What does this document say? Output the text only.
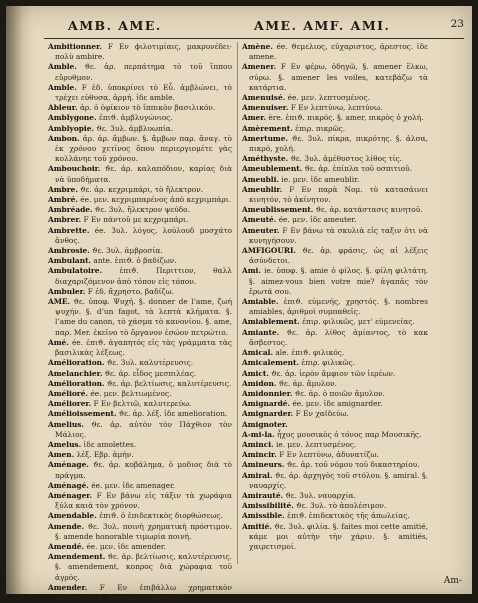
AMB. AME.	AME. AMF. AMI.	23

Ambitionner. F Εν ϕιλοτιμίαις, μακρυνέδει· πολὺ ambire.

Amble. ϑε. ἀρ. περπάτημα τὸ τοῦ ἵππου εὔρυθμον.

Amble. F ἐδ. ὑποκρίνει τὸ Εὖ. ἀμβλώνει, τὸ τρέχει εὐθυσα, ἀρμή. ἰδε amble.

Ableur. ἀρ. ὁ ὁφίκιον τὸ ἱππικὸν βασιλικόν.

Amblygone. ἐπιϑ. ἀμβλυγώνιος.

Amblyopie. ϑε. 3υλ. ἀμβλυωπία.

Ambon. ἀρ. ἀρ. ἄμβων. §. ἄμβων παρ. ἄναγ. τὸ ἐκ χρόνου χετίνος ὄπου περιεργιομέτε γὰς κολλάνηε τοῦ χρόνου.

Ambouchoir. ϑε. ἀρ. καλαπόδιον, καρίας διὰ νὰ ὑποδήματα.

Ambre. ϑε. ἀρ. κεχριμπάρι, τὸ ἤλεκτρον.

Ambré. ée. μεν. κεχριμπαρένος ἀπὸ κεχριμπάρι.

Ambréade. ϑε. 3υλ. ἤλεκτρον ψεύδο.

Ambrer. F Εν πάντοῦ με κεχριμπάρι.

Ambrette. ée. 3υλ. λόγος, λούλουδ μοσχάτο ἄνθος.

Ambrosie. ϑε. 3υλ. ἀμβροσία.

Ambulant. ante. ἐπιϑ. ὁ βαδίζων.

Ambulatoire. ἐπιϑ. Περιττιον, θαλλ διαχαριζόμενον ἀπὸ τόπον εἰς τόπον.

Ambuler. F ἐδ. ἄχρηστο, βαδίζω.

AME. ϑε. ὑποφ. Ψυχή. §. donner de l’ame, ζωή ψυχήν. §. d’un fagot, τὰ λεπτὰ κλήματα. §. l’ame du canon, τὸ χάσμα τὸ κανονίου. §. ame, παρ. Mer. ἐκεῖνο τὸ ὄργανον ἐσώον πετρώτιο.

Amé. ée. ἐπιϑ. ἀγαπητός εἰς τὰς γράμματα τὰς βασιλικὰς λέξεως.

Amélioration. ϑε. 3υλ. καλυτέρευσις.

Amelanchier. ϑε. ἀρ. εἶδος μεσπιλέας.

Amélioration. ϑε. ἀρ. βελτίωσις, καλυτέρευσις.

Amélioré. ée. μεν. βελτιωμένος.

Améliorer. F Εν βελτιῶ, καλυτερεύω.

Amélioissement. ϑε. ἀρ. λέξ. ἰδε amelioration.

Amelius. ϑε. ἀρ. αὐτὸν τὸν Πάχθιον τὸν Μάλιος.

Amelus. ἰδε amolettes.

Amen. λέξ. Εβρ. ἀμήν.

Aménage. ϑε. ἀρ. κοβάλημα, ὁ μοδιος διὰ τὸ πράγμα.

Aménagé. ée. μεν. ἰδε amenager.

Aménager. F Εν βάνω εἰς τάξιν τὰ χωράφια ξύλα καιὰ τὸν χρόνον.

Amendable. ἐπιϑ. ὁ ἐπιδεκτικὸς διορθώσεως.

Amende. ϑε. 3υλ. ποινὴ χρηματικὴ πρόστιμον. §. amende honorable τιμωρία ποινή.

Amendé. ée. μεν. ἰδε amender.

Amendement. ϑε. ἀρ. βελτίωσις, καλυτέρευσις. §. amendement, κοπρος διὰ χώραφια τοῦ ἀγρός.

Amender. F Εν ἐπιβάλλω χρηματικὸν πρόστιμον. §. amender, διορθώνω.

Amène. ée. ϑεμελιος, εὐχαριστος, ἀρεστος. ἰδε amene.

Amener. F Εν φέρω, ὁδηγῶ, §. amener ἕλκω, σύρω. §. amener les voiles, κατεβάζω τὰ κατάρτια.

Amenuisé. ée. μεν. λεπτυσμένος.

Amenuiser. F Εν λεπτύνω, λεπτύνω.

Amer. ère. ἐπιϑ. πικρός. §. amer, πικρὸς ὁ χολή.

Amèrement. ἐπιρ. πικρῶς.

Amertume. ϑε. 3υλ. πίκρα, πικρότης. §. ἀλσα, πικρό, χολή.

Améthyste. ϑε. 3υλ. ἀμέθυστος λίθος τίς.

Ameublement. ϑε. ἀρ. ἐπίπλα τοῦ οσπιτιοῦ.

Ameubli. ie. μεν. ἰδε ameublir.

Ameublir. F Εν παρὰ Νομ. τὸ κατασάινει κινητόν, τὸ ἀκίνητον.

Ameublissement. ϑε. ἀρ. κατάστασις κινητοῦ.

Ameuté. ée. μεν. ἰδε ameuter.

Ameuter. F Εν βάνω τὰ σκυλιὰ εἰς ταξιν ὁτι νὰ κυνηγήσουν.

AMFIGOURI. ϑε. ἀρ. φράσις, ὡς αἱ λέξεις ἀσύνδετοι.

Ami. ie. ὑποφ. §. amie ὁ φίλος. §. φίλη φιλτάτη. §. aimez-vous bien votre mie? ἀγαπᾶς τὸν ἔρωτά σου.

Amiable. ἐπιϑ. εὐμενής, χρηστός. §. nombres amiables, ἀριθμοὶ συμπαθεῖς.

Amiablement. ἐπιρ. φιλικῶς, μετ' εὐμενείας.

Amiante. ϑε. ἀρ. λίθος ἀμίαντος, τὸ κακ ἄσβεστος.

Amical. ale. ἐπιϑ. φιλικός.

Amicalement. ἐπιρ. φιλικῶς.

Amict. ϑε. ἀρ. ἱερὸν ἄμφιον τῶν ἱερέων.

Amidon. ϑε. ἀρ. ἄμυλον.

Amidonnier. ϑε. ἀρ. ὁ ποιῶν ἄμυλον.

Amignardé. ée. μεν. ἰδε amignarder.

Amignarder. F Εν χαϊδεύω.

Amignoter.

A-mi-la. ἦχος μουσικὸς ὁ τόνος παρ Μουσικῆς.

Aminci. ie. μεν. λεπτυσμένος.

Amincir. F Εν λεπτύνω, ἀδυνατίζω.

Amineurs. ϑε. ἀρ. τοῦ νόμου τοῦ δικαστηρίου.

Amiral. ϑε. ἀρ. ἀρχηγὸς τοῦ στόλου. §. amiral. §. ναυαρχίς.

Amirauté. ϑε. 3υλ. ναυαρχία.

Amissibilité. ϑε. 3υλ. τὸ ἀπολέσιμον.

Amissible. ἐπιϑ. ἐπιδεκτικὸς τῆς ἀπωλείας.

Amitié. ϑε. 3υλ. φιλία. §. faites moi cette amitié, κάμε μοι αὐτὴν τὴν χάριν. §. amitiés, χαιρετισμοί.

Am-
